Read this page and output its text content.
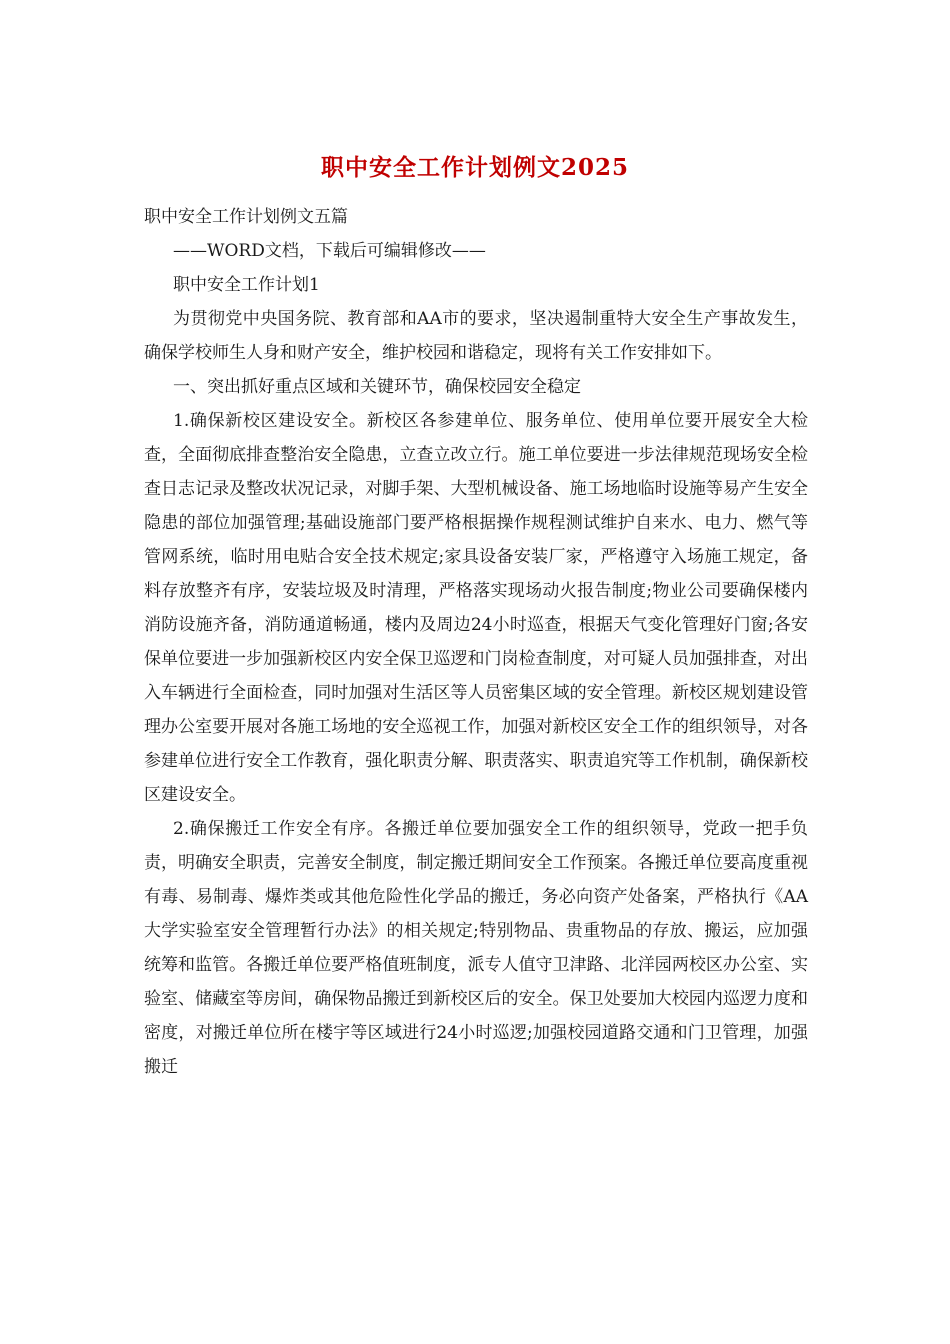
职中安全工作计划例文2025

职中安全工作计划例文五篇

——WORD文档，下载后可编辑修改——

职中安全工作计划1

为贯彻党中央国务院、教育部和AA市的要求，坚决遏制重特大安全生产事故发生，确保学校师生人身和财产安全，维护校园和谐稳定，现将有关工作安排如下。

一、突出抓好重点区域和关键环节，确保校园安全稳定

1.确保新校区建设安全。新校区各参建单位、服务单位、使用单位要开展安全大检查，全面彻底排查整治安全隐患，立查立改立行。施工单位要进一步法律规范现场安全检查日志记录及整改状况记录，对脚手架、大型机械设备、施工场地临时设施等易产生安全隐患的部位加强管理;基础设施部门要严格根据操作规程测试维护自来水、电力、燃气等管网系统，临时用电贴合安全技术规定;家具设备安装厂家，严格遵守入场施工规定，备料存放整齐有序，安装垃圾及时清理，严格落实现场动火报告制度;物业公司要确保楼内消防设施齐备，消防通道畅通，楼内及周边24小时巡查，根据天气变化管理好门窗;各安保单位要进一步加强新校区内安全保卫巡逻和门岗检查制度，对可疑人员加强排查，对出入车辆进行全面检查，同时加强对生活区等人员密集区域的安全管理。新校区规划建设管理办公室要开展对各施工场地的安全巡视工作，加强对新校区安全工作的组织领导，对各参建单位进行安全工作教育，强化职责分解、职责落实、职责追究等工作机制，确保新校区建设安全。

2.确保搬迁工作安全有序。各搬迁单位要加强安全工作的组织领导，党政一把手负责，明确安全职责，完善安全制度，制定搬迁期间安全工作预案。各搬迁单位要高度重视有毒、易制毒、爆炸类或其他危险性化学品的搬迁，务必向资产处备案，严格执行《AA大学实验室安全管理暂行办法》的相关规定;特别物品、贵重物品的存放、搬运，应加强统筹和监管。各搬迁单位要严格值班制度，派专人值守卫津路、北洋园两校区办公室、实验室、储藏室等房间，确保物品搬迁到新校区后的安全。保卫处要加大校园内巡逻力度和密度，对搬迁单位所在楼宇等区域进行24小时巡逻;加强校园道路交通和门卫管理，加强搬迁
